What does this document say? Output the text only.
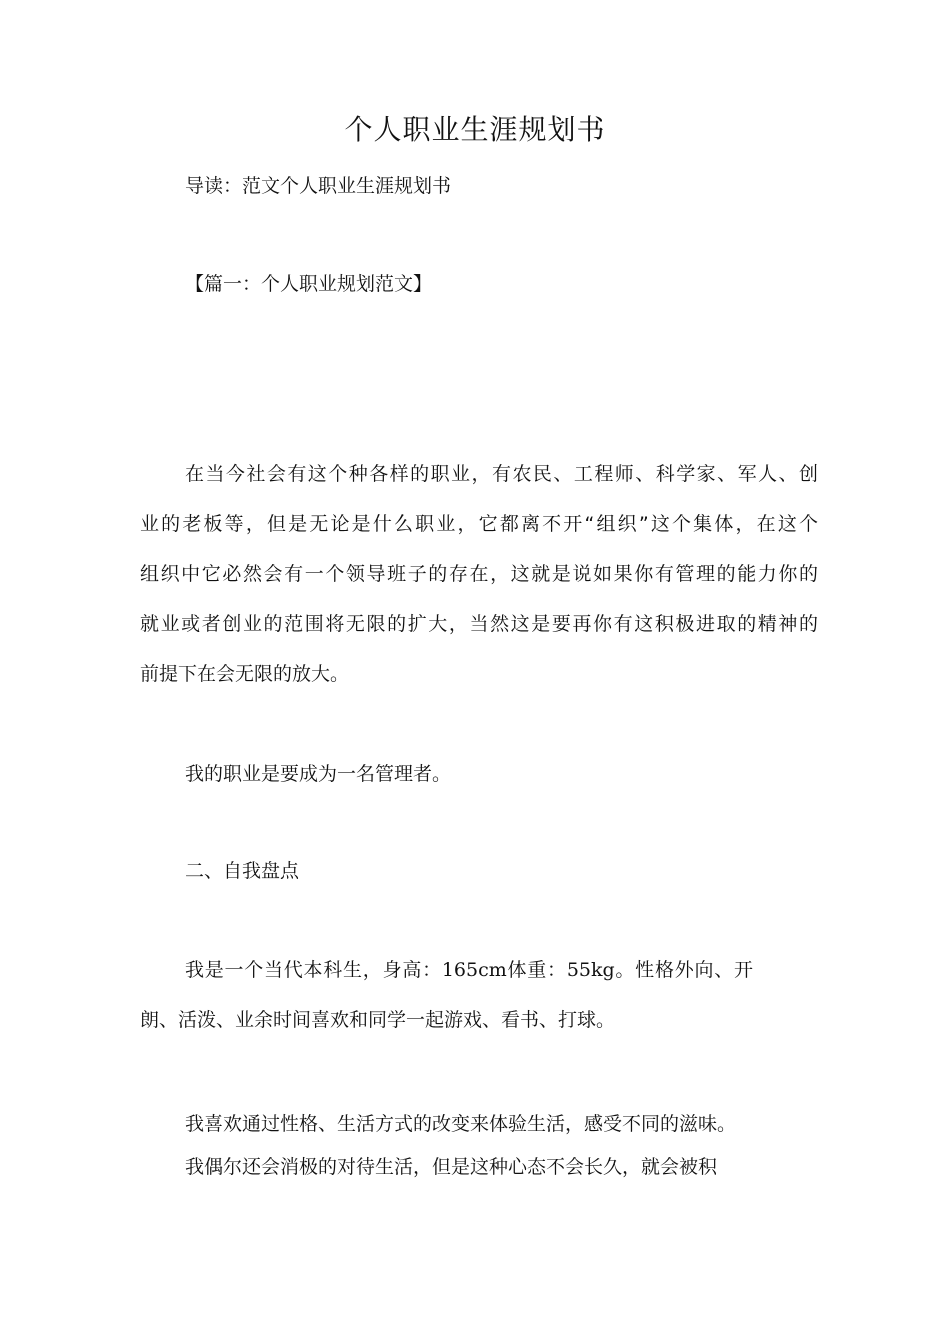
个人职业生涯规划书
导读：范文个人职业生涯规划书
【篇一：个人职业规划范文】
在当今社会有这个种各样的职业，有农民、工程师、科学家、军人、创
业的老板等，但是无论是什么职业，它都离不开“组织”这个集体，在这个
组织中它必然会有一个领导班子的存在，这就是说如果你有管理的能力你的
就业或者创业的范围将无限的扩大，当然这是要再你有这积极进取的精神的
前提下在会无限的放大。
我的职业是要成为一名管理者。
二、自我盘点
我是一个当代本科生，身高：165cm体重：55kg。性格外向、开
朗、活泼、业余时间喜欢和同学一起游戏、看书、打球。
我喜欢通过性格、生活方式的改变来体验生活，感受不同的滋味。
我偶尔还会消极的对待生活，但是这种心态不会长久，就会被积
